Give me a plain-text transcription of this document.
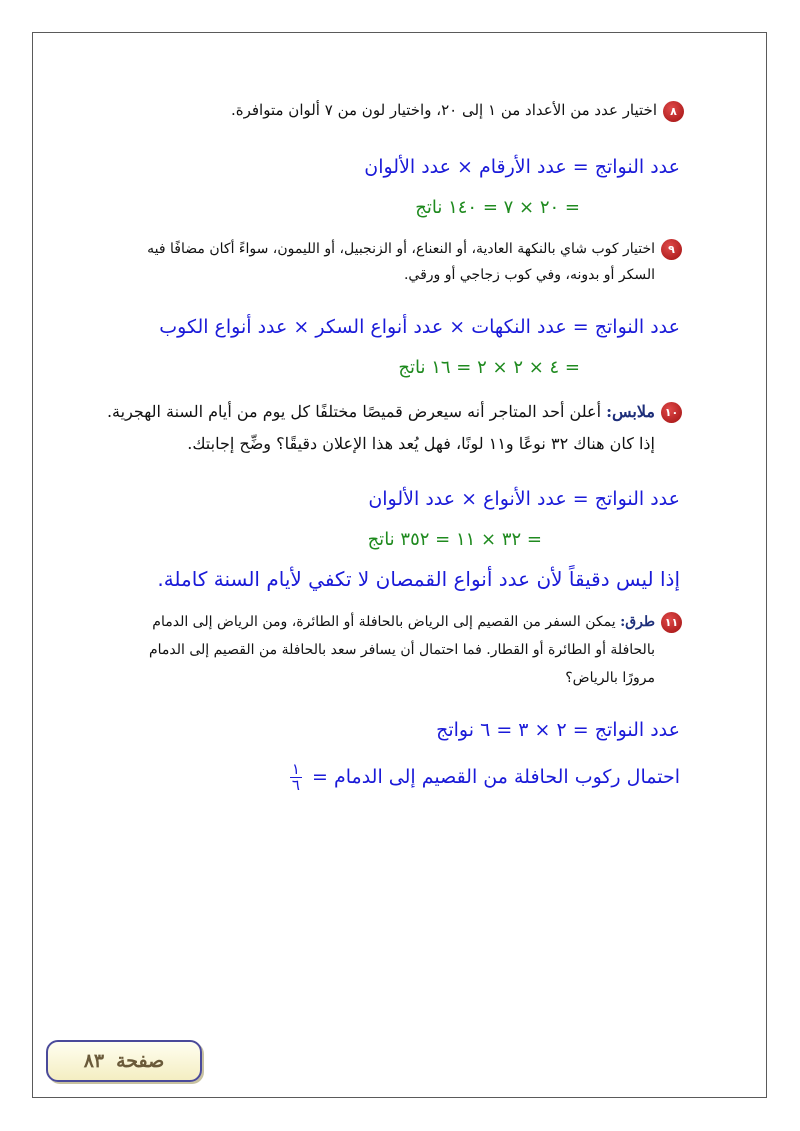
٨اختيار عدد من الأعداد من ١ إلى ٢٠، واختيار لون من ٧ ألوان متوافرة.
عدد النواتج = عدد الأرقام × عدد الألوان
= ٢٠ × ٧ = ١٤٠ ناتج
٩اختيار كوب شاي بالنكهة العادية، أو النعناع، أو الزنجبيل، أو الليمون، سواءً أكان مضافًا فيه
السكر أو بدونه، وفي كوب زجاجي أو ورقي.
عدد النواتج = عدد النكهات × عدد أنواع السكر × عدد أنواع الكوب
= ٤ × ٢ × ٢ = ١٦ ناتج
١٠ملابس: أعلن أحد المتاجر أنه سيعرض قميصًا مختلفًا كل يوم من أيام السنة الهجرية.
إذا كان هناك ٣٢ نوعًا و١١ لونًا، فهل يُعد هذا الإعلان دقيقًا؟ وضِّح إجابتك.
عدد النواتج = عدد الأنواع × عدد الألوان
= ٣٢ × ١١ = ٣٥٢ ناتج
إذا ليس دقيقاً لأن عدد أنواع القمصان لا تكفي لأيام السنة كاملة.
١١طرق: يمكن السفر من القصيم إلى الرياض بالحافلة أو الطائرة، ومن الرياض إلى الدمام
بالحافلة أو الطائرة أو القطار. فما احتمال أن يسافر سعد بالحافلة من القصيم إلى الدمام
مرورًا بالرياض؟
عدد النواتج = ٢ × ٣ = ٦ نواتج
احتمال ركوب الحافلة من القصيم إلى الدمام =
$\frac{١}{٦}$
صفحة
٨٣
